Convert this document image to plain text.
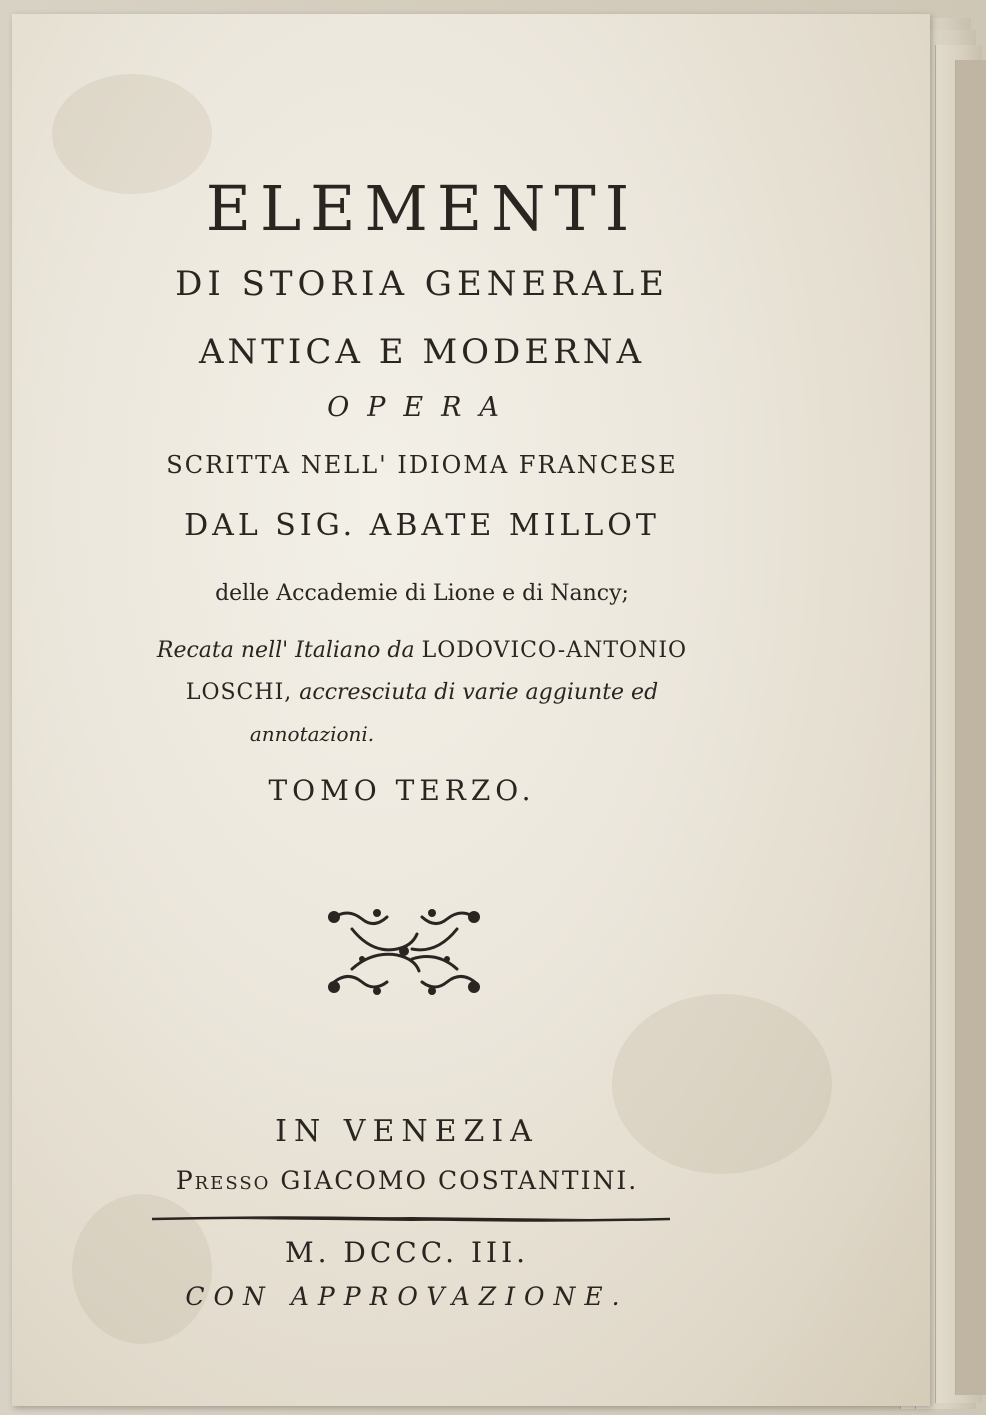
ELEMENTI
DI STORIA GENERALE
ANTICA E MODERNA
OPERA
SCRITTA NELL' IDIOMA FRANCESE
DAL SIG. ABATE MILLOT
delle Accademie di Lione e di Nancy;
Recata nell' Italiano da LODOVICO-ANTONIO
LOSCHI, accresciuta di varie aggiunte ed
annotazioni.
TOMO TERZO.
IN VENEZIA
Presso GIACOMO COSTANTINI.
M. DCCC. III.
CON APPROVAZIONE.
